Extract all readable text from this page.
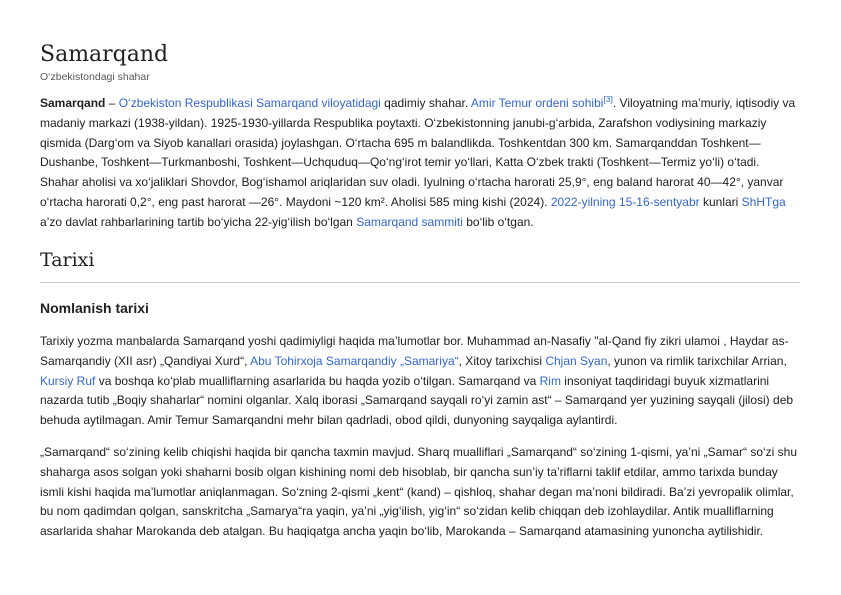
Samarqand
O‘zbekistondagi shahar

Samarqand – O‘zbekiston Respublikasi Samarqand viloyatidagi qadimiy shahar. Amir Temur ordeni sohibi[3]. Viloyatning ma’muriy, iqtisodiy va madaniy markazi (1938-yildan). 1925-1930-yillarda Respublika poytaxti. O‘zbekistonning janubi-g‘arbida, Zarafshon vodiysining markaziy qismida (Darg‘om va Siyob kanallari orasida) joylashgan. O‘rtacha 695 m balandlikda. Toshkentdan 300 km. Samarqanddan Toshkent—Dushanbe, Toshkent—Turkmanboshi, Toshkent—Uchquduq—Qo‘ng‘irot temir yo‘llari, Katta O‘zbek trakti (Toshkent—Termiz yo‘li) o‘tadi. Shahar aholisi va xo‘jaliklari Shovdor, Bog‘ishamol ariqlaridan suv oladi. Iyulning o‘rtacha harorati 25,9°, eng baland harorat 40—42°, yanvar o‘rtacha harorati 0,2°, eng past harorat —26°. Maydoni ~120 km². Aholisi 585 ming kishi (2024). 2022-yilning 15-16-sentyabr kunlari ShHTga a’zo davlat rahbarlarining tartib bo‘yicha 22-yig‘ilish bo‘lgan Samarqand sammiti bo‘lib o‘tgan.

Tarixi
Nomlanish tarixi

Tarixiy yozma manbalarda Samarqand yoshi qadimiyligi haqida ma’lumotlar bor. Muhammad an-Nasafiy "al-Qand fiy zikri ulamoi , Haydar as-Samarqandiy (XII asr) „Qandiyai Xurd“, Abu Tohirxoja Samarqandiy „Samariya“, Xitoy tarixchisi Chjan Syan, yunon va rimlik tarixchilar Arrian, Kursiy Ruf va boshqa ko‘plab mualliflarning asarlarida bu haqda yozib o‘tilgan. Samarqand va Rim insoniyat taqdiridagi buyuk xizmatlarini nazarda tutib „Boqiy shaharlar“ nomini olganlar. Xalq iborasi „Samarqand sayqali ro‘yi zamin ast“ – Samarqand yer yuzining sayqali (jilosi) deb behuda aytilmagan. Amir Temur Samarqandni mehr bilan qadrladi, obod qildi, dunyoning sayqaliga aylantirdi.

„Samarqand“ so‘zining kelib chiqishi haqida bir qancha taxmin mavjud. Sharq mualliflari „Samarqand“ so‘zining 1-qismi, ya’ni „Samar“ so‘zi shu shaharga asos solgan yoki shaharni bosib olgan kishining nomi deb hisoblab, bir qancha sun’iy ta’riflarni taklif etdilar, ammo tarixda bunday ismli kishi haqida ma’lumotlar aniqlanmagan. So‘zning 2-qismi „kent“ (kand) – qishloq, shahar degan ma’noni bildiradi. Ba’zi yevropalik olimlar, bu nom qadimdan qolgan, sanskritcha „Samarya“ra yaqin, ya’ni „yig‘ilish, yig‘in“ so‘zidan kelib chiqqan deb izohlaydilar. Antik mualliflarning asarlarida shahar Marokanda deb atalgan. Bu haqiqatga ancha yaqin bo‘lib, Marokanda – Samarqand atamasining yunoncha aytilishidir.
